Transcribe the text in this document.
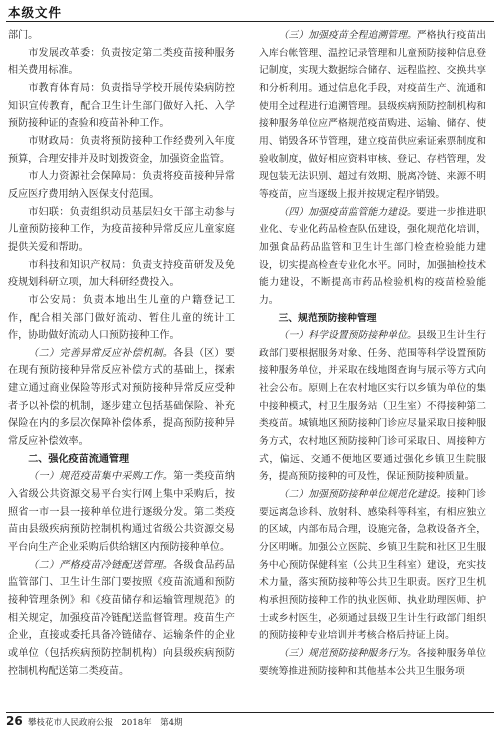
本级文件

部门。

市发展改革委：负责按定第二类疫苗接种服务相关费用标准。

市教育体育局：负责指导学校开展传染病防控知识宣传教育，配合卫生计生部门做好入托、入学预防接种证的查验和疫苗补种工作。

市财政局：负责将预防接种工作经费列入年度预算，合理安排并及时划拨资金，加强资金监管。

市人力资源社会保障局：负责将疫苗接种异常反应医疗费用纳入医保支付范围。

市妇联：负责组织动员基层妇女干部主动参与儿童预防接种工作，为疫苗接种异常反应儿童家庭提供关爱和帮助。

市科技和知识产权局：负责支持疫苗研发及免疫规划科研立项，加大科研经费投入。

市公安局：负责本地出生儿童的户籍登记工作，配合相关部门做好流动、暂住儿童的统计工作，协助做好流动人口预防接种工作。

（二）完善异常反应补偿机制。各县（区）要在现有预防接种异常反应补偿方式的基础上，探索建立通过商业保险等形式对预防接种异常反应受种者予以补偿的机制，逐步建立包括基础保险、补充保险在内的多层次保障补偿体系，提高预防接种异常反应补偿效率。

二、强化疫苗流通管理

（一）规范疫苗集中采购工作。第一类疫苗纳入省级公共资源交易平台实行网上集中采购后，按照省一市一县一接种单位进行逐级分发。第二类疫苗由县级疾病预防控制机构通过省级公共资源交易平台向生产企业采购后供给辖区内预防接种单位。

（二）严格疫苗冷链配送管理。各级食品药品监管部门、卫生计生部门要按照《疫苗流通和预防接种管理条例》和《疫苗储存和运输管理规范》的相关规定，加强疫苗冷链配送监督管理。疫苗生产企业，直接或委托具备冷链储存、运输条件的企业或单位（包括疾病预防控制机构）向县级疾病预防控制机构配送第二类疫苗。

（三）加强疫苗全程追溯管理。严格执行疫苗出入库台帐管理、温控记录管理和儿童预防接种信息登记制度，实现大数据综合储存、远程监控、交换共享和分析利用。通过信息化手段，对疫苗生产、流通和使用全过程进行追溯管理。县级疾病预防控制机构和接种服务单位应严格规范疫苗购进、运输、储存、使用、销毁各环节管理，建立疫苗供应索证索票制度和验收制度，做好相应资料审核、登记、存档管理，发现包装无法识别、超过有效期、脱离冷链、来源不明等疫苗，应当逐级上报并按规定程序销毁。

（四）加强疫苗监管能力建设。要进一步推进职业化、专业化药品检查队伍建设，强化规范化培训，加强食品药品监管和卫生计生部门检查检验能力建设，切实提高检查专业化水平。同时，加强抽检技术能力建设，不断提高市药品检验机构的疫苗检验能力。

三、规范预防接种管理

（一）科学设置预防接种单位。县级卫生计生行政部门要根据服务对象、任务、范围等科学设置预防接种服务单位，并采取在线地图查询与展示等方式向社会公布。原则上在农村地区实行以乡镇为单位的集中接种模式，村卫生服务站（卫生室）不得接种第二类疫苗。城镇地区预防接种门诊应尽量采取日接种服务方式，农村地区预防接种门诊可采取日、周接种方式，偏远、交通不便地区要通过强化乡镇卫生院服务，提高预防接种的可及性，保证预防接种质量。

（二）加强预防接种单位规范化建设。接种门诊要远离急诊科、放射科、感染科等科室，有相应独立的区域，内部布局合理，设施完备，急救设备齐全，分区明晰。加强公立医院、乡镇卫生院和社区卫生服务中心预防保健科室（公共卫生科室）建设，充实技术力量，落实预防接种等公共卫生职责。医疗卫生机构承担预防接种工作的执业医师、执业助理医师、护士或乡村医生，必须通过县级卫生计生行政部门组织的预防接种专业培训并考核合格后持证上岗。

（三）规范预防接种服务行为。各接种服务单位要统筹推进预防接种和其他基本公共卫生服务项

26 攀枝花市人民政府公报　2018年　第4期
